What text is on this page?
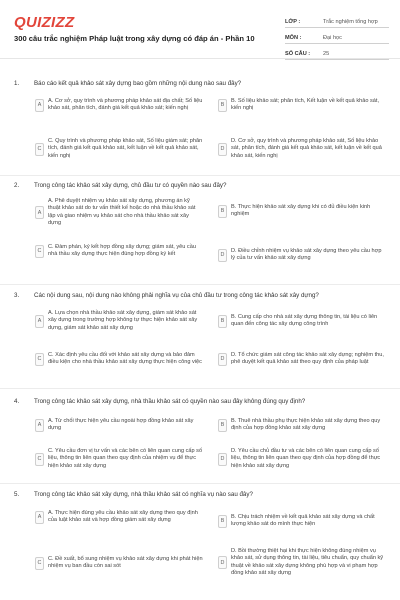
QUIZIZZ
300 câu trắc nghiệm Pháp luật trong xây dựng có đáp án - Phần 10
LỚP :	Trắc nghiệm tổng hợp
MÔN :	Đại học
SỐ CÂU :	25
1.	Báo cáo kết quả khảo sát xây dựng bao gồm những nội dung nào sau đây?
A
A. Cơ sở, quy trình và phương pháp khảo sát địa chất; Số liệu khảo sát, phân tích, đánh giá kết quả khảo sát; kiến nghị	B
B. Số liệu khảo sát; phân tích, Kết luận về kết quả khảo sát, kiến nghị
C
C. Quy trình và phương pháp khảo sát, Số liệu giám sát; phân tích, đánh giá kết quả khảo sát, kết luận về kết quả khảo sát, kiến nghị
D
D. Cơ sở, quy trình và phương pháp khảo sát, Số liệu khảo sát, phân tích, đánh giá kết quả khảo sát, kết luận về kết quả khảo sát, kiến nghị
2.	Trong công tác khảo sát xây dựng, chủ đầu tư có quyền nào sau đây?
A
A. Phê duyệt nhiệm vụ khảo sát xây dựng, phương án kỹ thuật khảo sát do tư vấn thiết kế hoặc do nhà thầu khảo sát lập và giao nhiệm vụ khảo sát cho nhà thầu khảo sát xây dựng
B
B. Thực hiện khảo sát xây dựng khi có đủ điều kiện kinh nghiệm
C
C. Đàm phán, ký kết hợp đồng xây dựng; giám sát, yêu cầu nhà thầu xây dựng thực hiện đúng hợp đồng ký kết	D
D. Điều chỉnh nhiệm vụ khảo sát xây dựng theo yêu cầu hợp lý của tư vấn khảo sát xây dựng
3.	Các nội dung sau, nội dung nào không phải nghĩa vụ của chủ đầu tư trong công tác khảo sát xây dựng?
A
A. Lựa chọn nhà thầu khảo sát xây dựng, giám sát khảo sát xây dựng trong trường hợp không tự thực hiện khảo sát xây dựng, giám sát khảo sát xây dựng
B
B. Cung cấp cho nhà sát xây dựng thông tin, tài liệu có liên quan đến công tác xây dựng công trình
C
C. Xác định yêu cầu đối với khảo sát xây dựng và bảo đảm điều kiện cho nhà thầu khảo sát xây dựng thực hiện công việc	D
D. Tổ chức giám sát công tác khảo sát xây dựng; nghiệm thu, phê duyệt kết quả khảo sát theo quy định của pháp luật
4.	Trong công tác khảo sát xây dựng, nhà thầu khảo sát có quyền nào sau đây không đúng quy định?
A
A. Từ chối thực hiện yêu cầu ngoài hợp đồng khảo sát xây dựng	B
B. Thuê nhà thầu phụ thực hiện khảo sát xây dựng theo quy định của hợp đồng khảo sát xây dựng
C
C. Yêu cầu đơn vị tư vấn và các bên có liên quan cung cấp số liệu, thông tin liên quan theo quy định của nhiệm vụ để thực hiện khảo sát xây dựng
D
D. Yêu cầu chủ đầu tư và các bên có liên quan cung cấp số liệu, thông tin liên quan theo quy định của hợp đồng để thực hiện khảo sát xây dựng
5.	Trong công tác khảo sát xây dựng, nhà thầu khảo sát có nghĩa vụ nào sau đây?
A
A. Thực hiện đúng yêu cầu khảo sát xây dựng theo quy định của luật khảo sát và hợp đồng giám sát xây dựng	B
B. Chịu trách nhiệm về kết quả khảo sát xây dựng và chất lượng khảo sát do mình thực hiện
C
C. Đề xuất, bổ sung nhiệm vụ khảo sát xây dựng khi phát hiện nhiệm vụ ban đầu còn sai sót
D
D. Bồi thường thiệt hại khi thực hiện không đúng nhiệm vụ khảo sát, sử dụng thông tin, tài liệu, tiêu chuẩn, quy chuẩn kỹ thuật về khảo sát xây dựng không phù hợp và vi phạm hợp đồng khảo sát xây dựng
